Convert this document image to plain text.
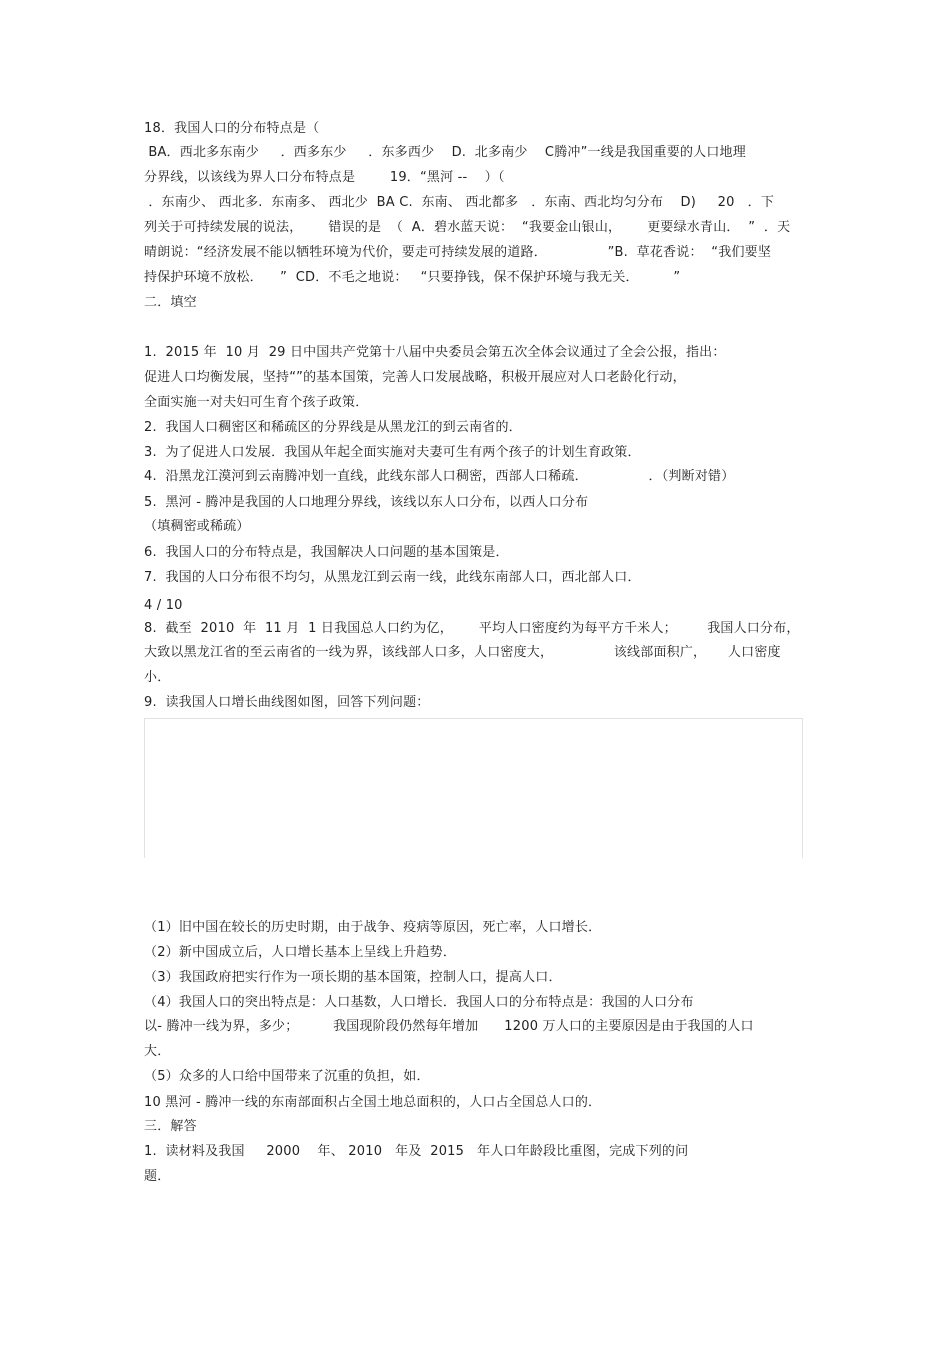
18．我国人口的分布特点是（
BA．西北多东南少     ．西多东少     ．东多西少    D.  北多南少    C腾冲”一线是我国重要的人口地理
分界线，以该线为界人口分布特点是        19．“黑河 --    ）（
．东南少、 西北多.  东南多、 西北少  BA C.  东南、 西北都多   ．东南、西北均匀分布    D)     20   ．下
列关于可持续发展的说法，      错误的是  （  A．碧水蓝天说：  “我要金山银山，      更要绿水青山．  ”  ．天
晴朗说：“经济发展不能以牺牲环境为代价，要走可持续发展的道路．              ”B.  草花香说：  “我们要坚
持保护环境不放松．    ”  CD．不毛之地说：   “只要挣钱，保不保护环境与我无关．        ”
二．填空
1.  2015 年  10 月  29 日中国共产党第十八届中央委员会第五次全体会议通过了全会公报，指出：
促进人口均衡发展，坚持“”的基本国策，完善人口发展战略，积极开展应对人口老龄化行动，
全面实施一对夫妇可生育个孩子政策．
2.  我国人口稠密区和稀疏区的分界线是从黑龙江的到云南省的．
3.  为了促进人口发展．我国从年起全面实施对夫妻可生有两个孩子的计划生育政策．
4.  沿黑龙江漠河到云南腾冲划一直线，此线东部人口稠密，西部人口稀疏．              ．（判断对错）
5.  黑河 - 腾冲是我国的人口地理分界线，该线以东人口分布，以西人口分布
（填稠密或稀疏）
6.  我国人口的分布特点是，我国解决人口问题的基本国策是．
7.  我国的人口分布很不均匀，从黑龙江到云南一线，此线东南部人口，西北部人口．
4 / 10
8.  截至  2010  年  11 月  1 日我国总人口约为亿，      平均人口密度约为每平方千米人；       我国人口分布，
大致以黑龙江省的至云南省的一线为界，该线部人口多，人口密度大，              该线部面积广，     人口密度
小．
9.  读我国人口增长曲线图如图，回答下列问题：
（1）旧中国在较长的历史时期，由于战争、疫病等原因，死亡率，人口增长．
（2）新中国成立后，人口增长基本上呈线上升趋势．
（3）我国政府把实行作为一项长期的基本国策，控制人口，提高人口．
（4）我国人口的突出特点是：人口基数，人口增长．我国人口的分布特点是：我国的人口分布
以- 腾冲一线为界，多少；        我国现阶段仍然每年增加      1200 万人口的主要原因是由于我国的人口
大．
（5）众多的人口给中国带来了沉重的负担，如．
10 黑河 - 腾冲一线的东南部面积占全国土地总面积的，人口占全国总人口的．
三．解答
1.  读材料及我国     2000    年、 2010   年及  2015   年人口年龄段比重图，完成下列的问
题．
